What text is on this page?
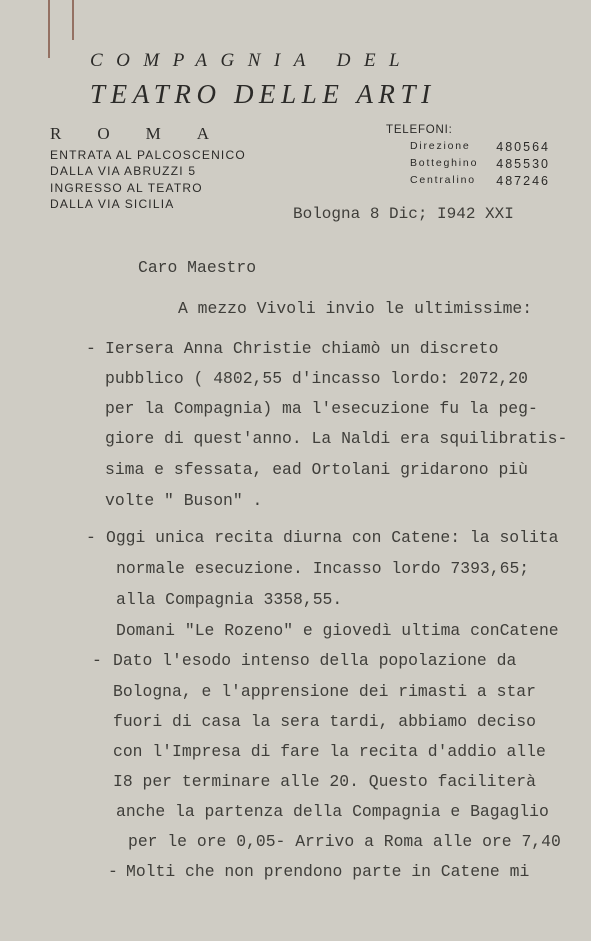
COMPAGNIA DEL
TEATRO DELLE ARTI
ROMA
ENTRATA AL PALCOSCENICO
DALLA VIA ABRUZZI 5
INGRESSO AL TEATRO
DALLA VIA SICILIA
TELEFONI:
Direzione 480564
Botteghino 485530
Centralino 487246
Bologna 8 Dic; I942 XXI
Caro Maestro
A mezzo Vivoli invio le ultimissime:
- Iersera Anna Christie chiamò un discreto
pubblico ( 4802,55 d'incasso lordo: 2072,20
per la Compagnia) ma l'esecuzione fu la peg-
giore di quest'anno. La Naldi era squilibratis-
sima e sfessata, ead Ortolani gridarono più
volte " Buson" .
- Oggi unica recita diurna con Catene: la solita
normale esecuzione. Incasso lordo 7393,65;
alla Compagnia 3358,55.
Domani "Le Rozeno" e giovedì ultima conCatene
- Dato l'esodo intenso della popolazione da
Bologna, e l'apprensione dei rimasti a star
fuori di casa la sera tardi, abbiamo deciso
con l'Impresa di fare la recita d'addio alle
I8 per terminare alle 20. Questo faciliterà
anche la partenza della Compagnia e Bagaglio
per le ore 0,05- Arrivo a Roma alle ore 7,40
- Molti che non prendono parte in Catene mi
